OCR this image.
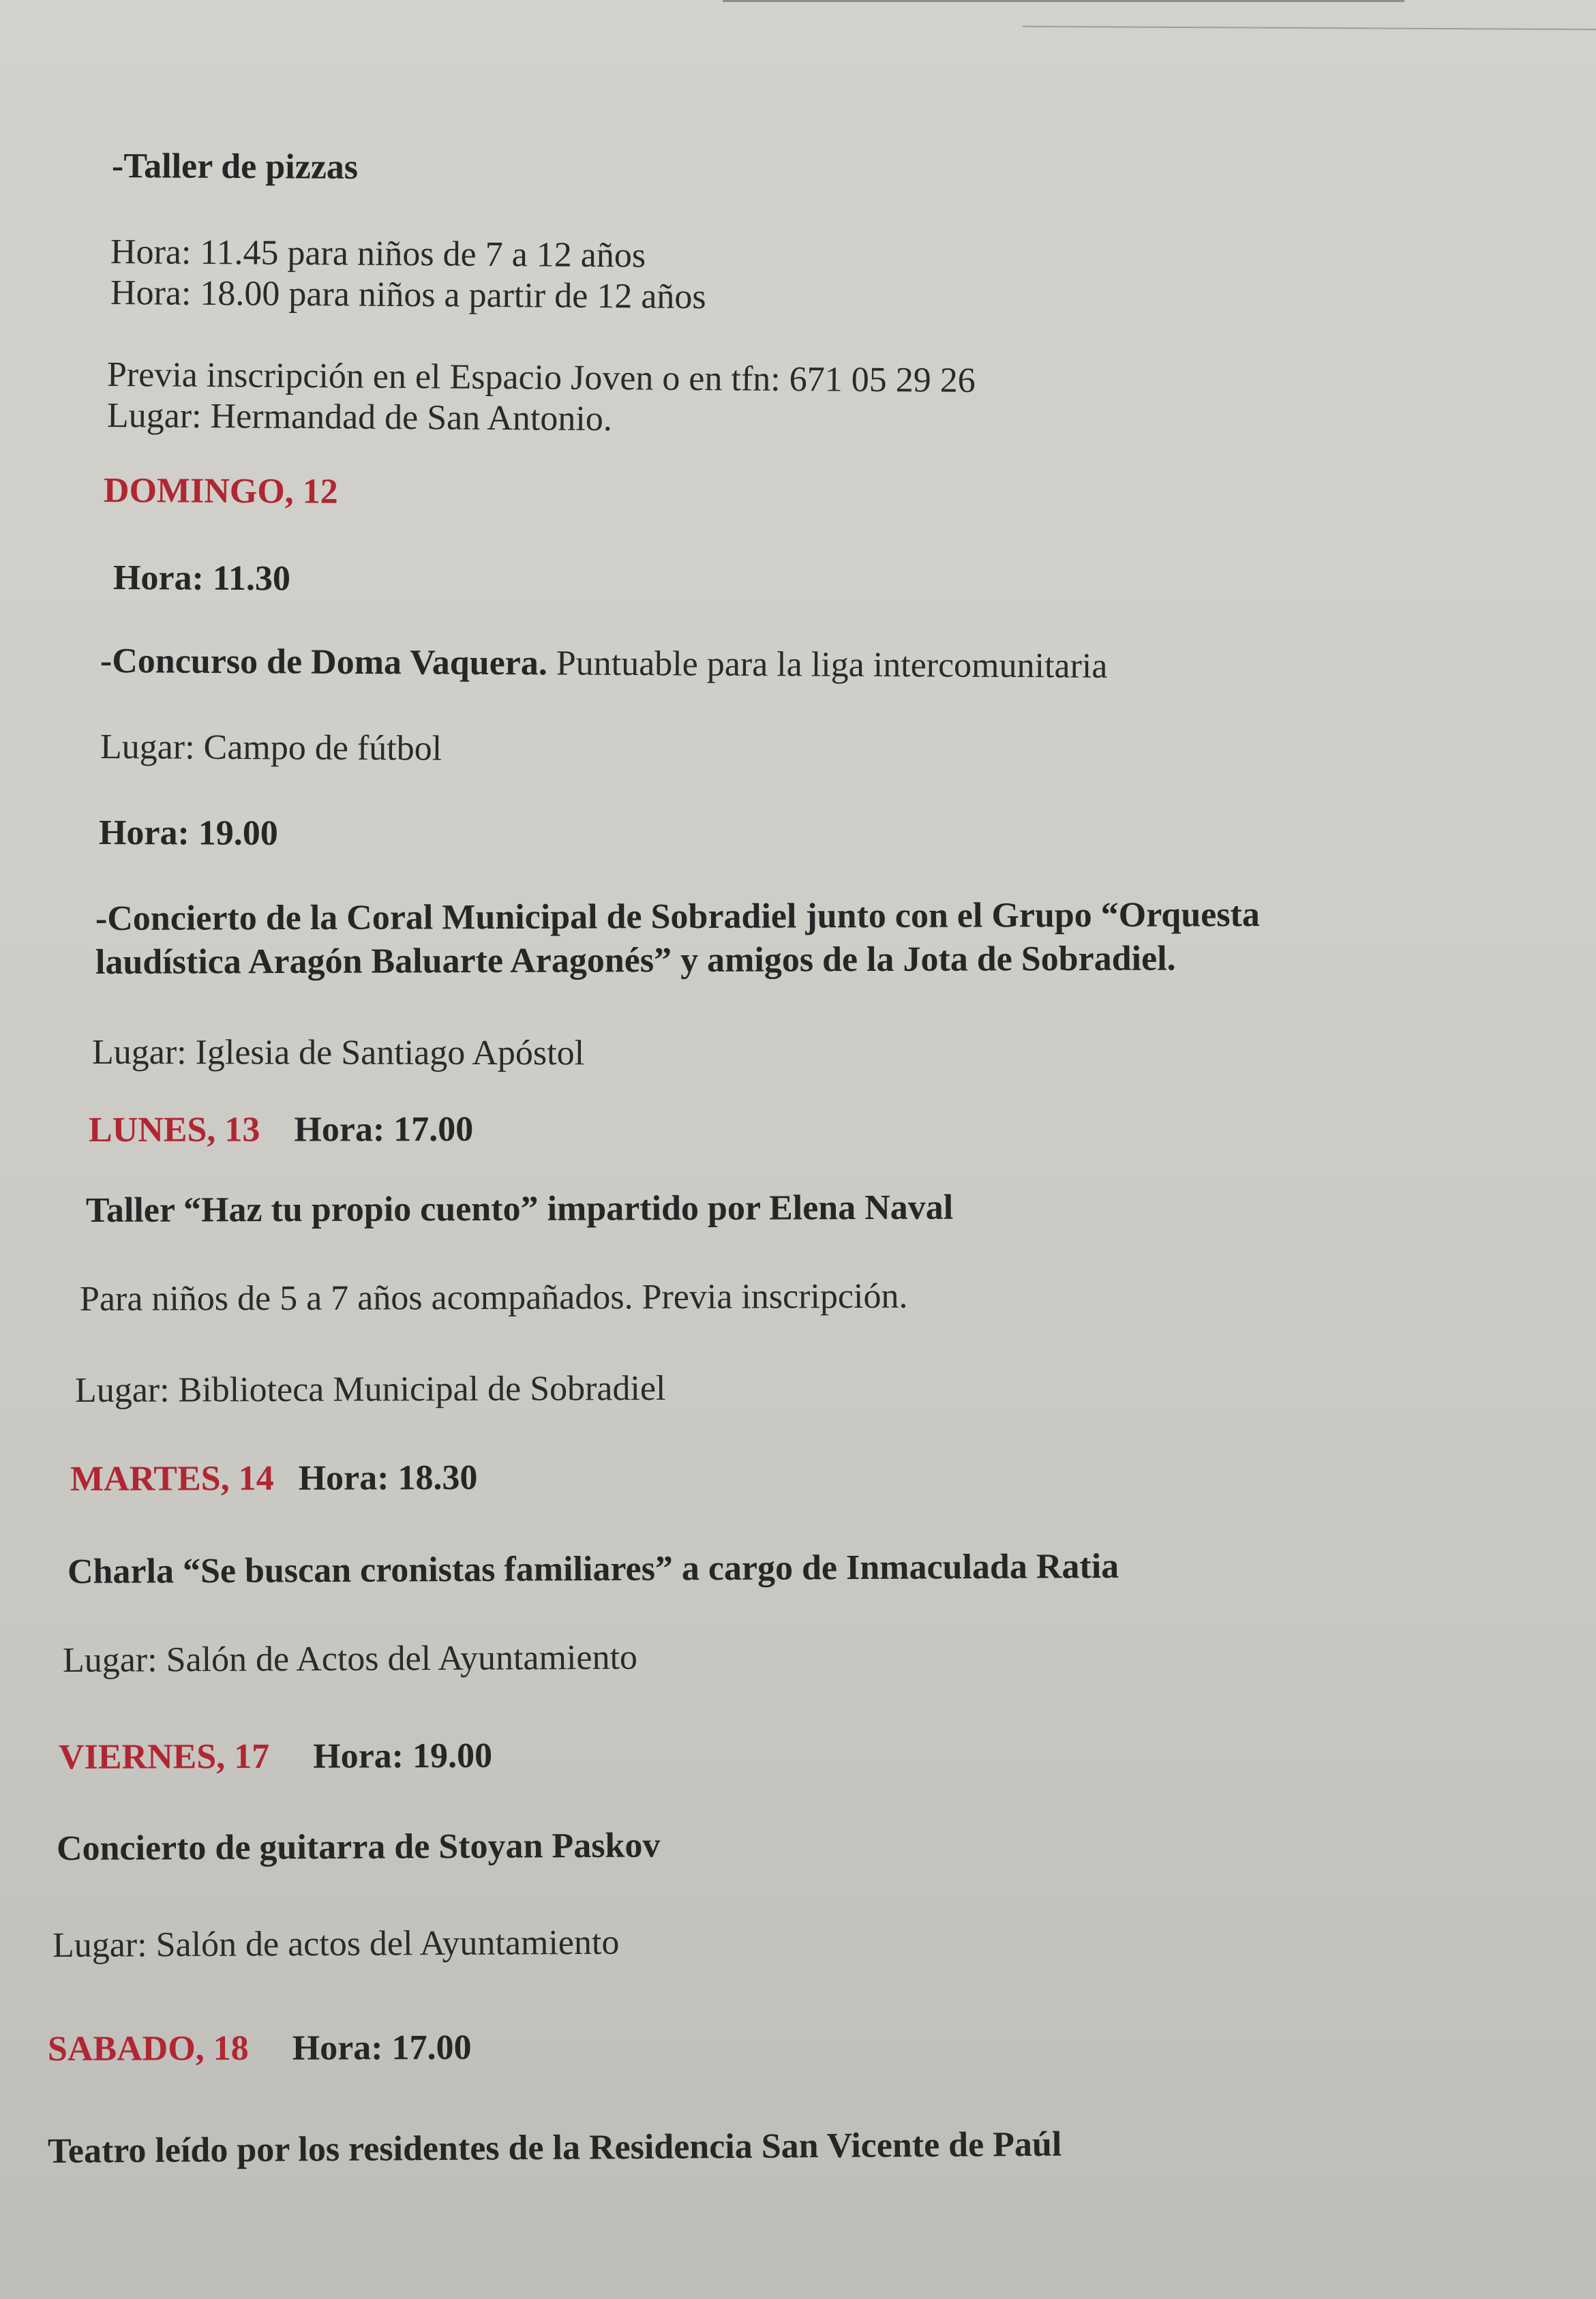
-Taller de pizzas
Hora: 11.45 para niños de 7 a 12 años
Hora: 18.00 para niños a partir de 12 años
Previa inscripción en el Espacio Joven o en tfn: 671 05 29 26
Lugar: Hermandad de San Antonio.
DOMINGO, 12
Hora: 11.30
-Concurso de Doma Vaquera. Puntuable para la liga intercomunitaria
Lugar: Campo de fútbol
Hora: 19.00
-Concierto de la Coral Municipal de Sobradiel junto con el Grupo “Orquesta
laudística Aragón Baluarte Aragonés” y amigos de la Jota de Sobradiel.
Lugar: Iglesia de Santiago Apóstol
LUNES, 13 Hora: 17.00
Taller “Haz tu propio cuento” impartido por Elena Naval
Para niños de 5 a 7 años acompañados. Previa inscripción.
Lugar: Biblioteca Municipal de Sobradiel
MARTES, 14 Hora: 18.30
Charla “Se buscan cronistas familiares” a cargo de Inmaculada Ratia
Lugar: Salón de Actos del Ayuntamiento
VIERNES, 17 Hora: 19.00
Concierto de guitarra de Stoyan Paskov
Lugar: Salón de actos del Ayuntamiento
SABADO, 18 Hora: 17.00
Teatro leído por los residentes de la Residencia San Vicente de Paúl
